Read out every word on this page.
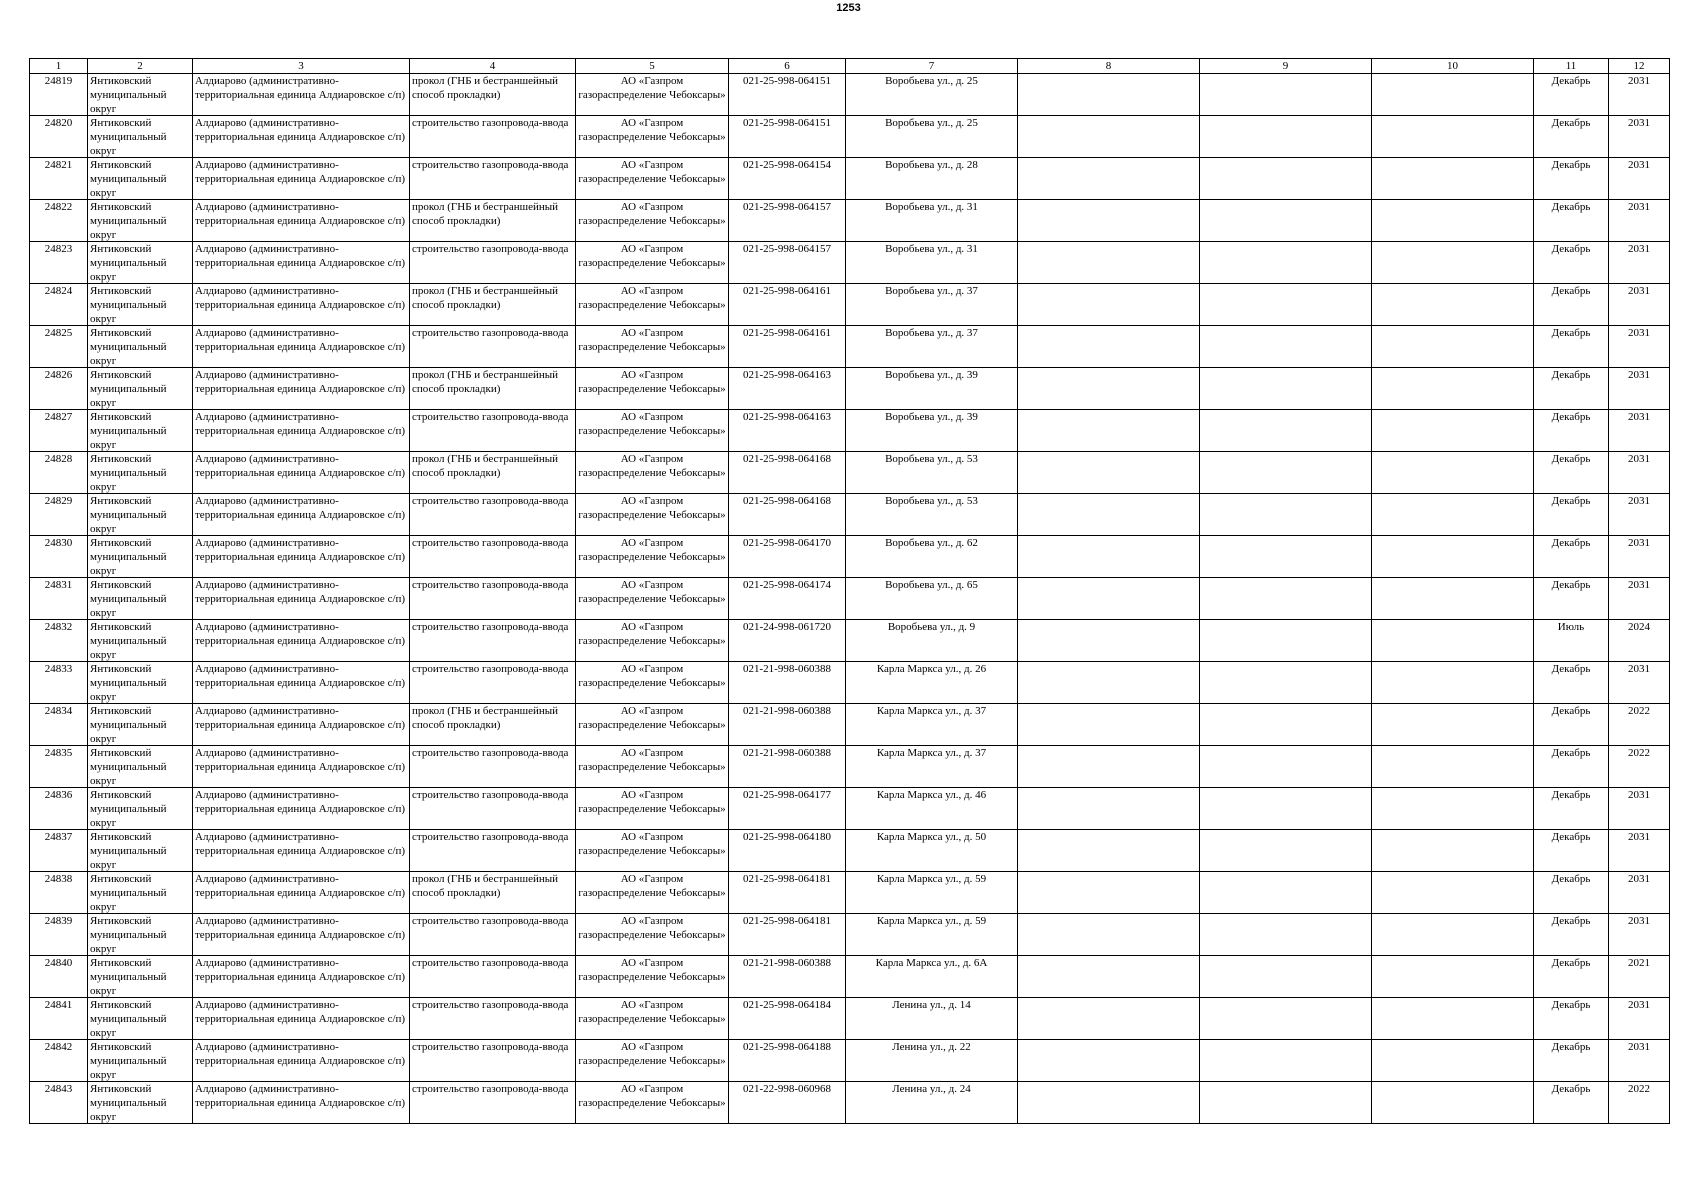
1253
1	2	3	4	5	6	7	8	9	10	11	12

24819	Янтиковский муниципальный округ	Алдиарово (административно-территориальная единица Алдиаровское с/п)	прокол (ГНБ и бестраншейный способ прокладки)	АО «Газпром газораспределение Чебоксары»	021-25-998-064151	Воробьева ул., д. 25				Декабрь	2031

24820	Янтиковский муниципальный округ	Алдиарово (административно-территориальная единица Алдиаровское с/п)	строительство газопровода-ввода	АО «Газпром газораспределение Чебоксары»	021-25-998-064151	Воробьева ул., д. 25				Декабрь	2031

24821	Янтиковский муниципальный округ	Алдиарово (административно-территориальная единица Алдиаровское с/п)	строительство газопровода-ввода	АО «Газпром газораспределение Чебоксары»	021-25-998-064154	Воробьева ул., д. 28				Декабрь	2031

24822	Янтиковский муниципальный округ	Алдиарово (административно-территориальная единица Алдиаровское с/п)	прокол (ГНБ и бестраншейный способ прокладки)	АО «Газпром газораспределение Чебоксары»	021-25-998-064157	Воробьева ул., д. 31				Декабрь	2031

24823	Янтиковский муниципальный округ	Алдиарово (административно-территориальная единица Алдиаровское с/п)	строительство газопровода-ввода	АО «Газпром газораспределение Чебоксары»	021-25-998-064157	Воробьева ул., д. 31				Декабрь	2031

24824	Янтиковский муниципальный округ	Алдиарово (административно-территориальная единица Алдиаровское с/п)	прокол (ГНБ и бестраншейный способ прокладки)	АО «Газпром газораспределение Чебоксары»	021-25-998-064161	Воробьева ул., д. 37				Декабрь	2031

24825	Янтиковский муниципальный округ	Алдиарово (административно-территориальная единица Алдиаровское с/п)	строительство газопровода-ввода	АО «Газпром газораспределение Чебоксары»	021-25-998-064161	Воробьева ул., д. 37				Декабрь	2031

24826	Янтиковский муниципальный округ	Алдиарово (административно-территориальная единица Алдиаровское с/п)	прокол (ГНБ и бестраншейный способ прокладки)	АО «Газпром газораспределение Чебоксары»	021-25-998-064163	Воробьева ул., д. 39				Декабрь	2031

24827	Янтиковский муниципальный округ	Алдиарово (административно-территориальная единица Алдиаровское с/п)	строительство газопровода-ввода	АО «Газпром газораспределение Чебоксары»	021-25-998-064163	Воробьева ул., д. 39				Декабрь	2031

24828	Янтиковский муниципальный округ	Алдиарово (административно-территориальная единица Алдиаровское с/п)	прокол (ГНБ и бестраншейный способ прокладки)	АО «Газпром газораспределение Чебоксары»	021-25-998-064168	Воробьева ул., д. 53				Декабрь	2031

24829	Янтиковский муниципальный округ	Алдиарово (административно-территориальная единица Алдиаровское с/п)	строительство газопровода-ввода	АО «Газпром газораспределение Чебоксары»	021-25-998-064168	Воробьева ул., д. 53				Декабрь	2031

24830	Янтиковский муниципальный округ	Алдиарово (административно-территориальная единица Алдиаровское с/п)	строительство газопровода-ввода	АО «Газпром газораспределение Чебоксары»	021-25-998-064170	Воробьева ул., д. 62				Декабрь	2031

24831	Янтиковский муниципальный округ	Алдиарово (административно-территориальная единица Алдиаровское с/п)	строительство газопровода-ввода	АО «Газпром газораспределение Чебоксары»	021-25-998-064174	Воробьева ул., д. 65				Декабрь	2031

24832	Янтиковский муниципальный округ	Алдиарово (административно-территориальная единица Алдиаровское с/п)	строительство газопровода-ввода	АО «Газпром газораспределение Чебоксары»	021-24-998-061720	Воробьева ул., д. 9				Июль	2024

24833	Янтиковский муниципальный округ	Алдиарово (административно-территориальная единица Алдиаровское с/п)	строительство газопровода-ввода	АО «Газпром газораспределение Чебоксары»	021-21-998-060388	Карла Маркса ул., д. 26				Декабрь	2031

24834	Янтиковский муниципальный округ	Алдиарово (административно-территориальная единица Алдиаровское с/п)	прокол (ГНБ и бестраншейный способ прокладки)	АО «Газпром газораспределение Чебоксары»	021-21-998-060388	Карла Маркса ул., д. 37				Декабрь	2022

24835	Янтиковский муниципальный округ	Алдиарово (административно-территориальная единица Алдиаровское с/п)	строительство газопровода-ввода	АО «Газпром газораспределение Чебоксары»	021-21-998-060388	Карла Маркса ул., д. 37				Декабрь	2022

24836	Янтиковский муниципальный округ	Алдиарово (административно-территориальная единица Алдиаровское с/п)	строительство газопровода-ввода	АО «Газпром газораспределение Чебоксары»	021-25-998-064177	Карла Маркса ул., д. 46				Декабрь	2031

24837	Янтиковский муниципальный округ	Алдиарово (административно-территориальная единица Алдиаровское с/п)	строительство газопровода-ввода	АО «Газпром газораспределение Чебоксары»	021-25-998-064180	Карла Маркса ул., д. 50				Декабрь	2031

24838	Янтиковский муниципальный округ	Алдиарово (административно-территориальная единица Алдиаровское с/п)	прокол (ГНБ и бестраншейный способ прокладки)	АО «Газпром газораспределение Чебоксары»	021-25-998-064181	Карла Маркса ул., д. 59				Декабрь	2031

24839	Янтиковский муниципальный округ	Алдиарово (административно-территориальная единица Алдиаровское с/п)	строительство газопровода-ввода	АО «Газпром газораспределение Чебоксары»	021-25-998-064181	Карла Маркса ул., д. 59				Декабрь	2031

24840	Янтиковский муниципальный округ	Алдиарово (административно-территориальная единица Алдиаровское с/п)	строительство газопровода-ввода	АО «Газпром газораспределение Чебоксары»	021-21-998-060388	Карла Маркса ул., д. 6А				Декабрь	2021

24841	Янтиковский муниципальный округ	Алдиарово (административно-территориальная единица Алдиаровское с/п)	строительство газопровода-ввода	АО «Газпром газораспределение Чебоксары»	021-25-998-064184	Ленина ул., д. 14				Декабрь	2031

24842	Янтиковский муниципальный округ	Алдиарово (административно-территориальная единица Алдиаровское с/п)	строительство газопровода-ввода	АО «Газпром газораспределение Чебоксары»	021-25-998-064188	Ленина ул., д. 22				Декабрь	2031

24843	Янтиковский муниципальный округ	Алдиарово (административно-территориальная единица Алдиаровское с/п)	строительство газопровода-ввода	АО «Газпром газораспределение Чебоксары»	021-22-998-060968	Ленина ул., д. 24				Декабрь	2022
